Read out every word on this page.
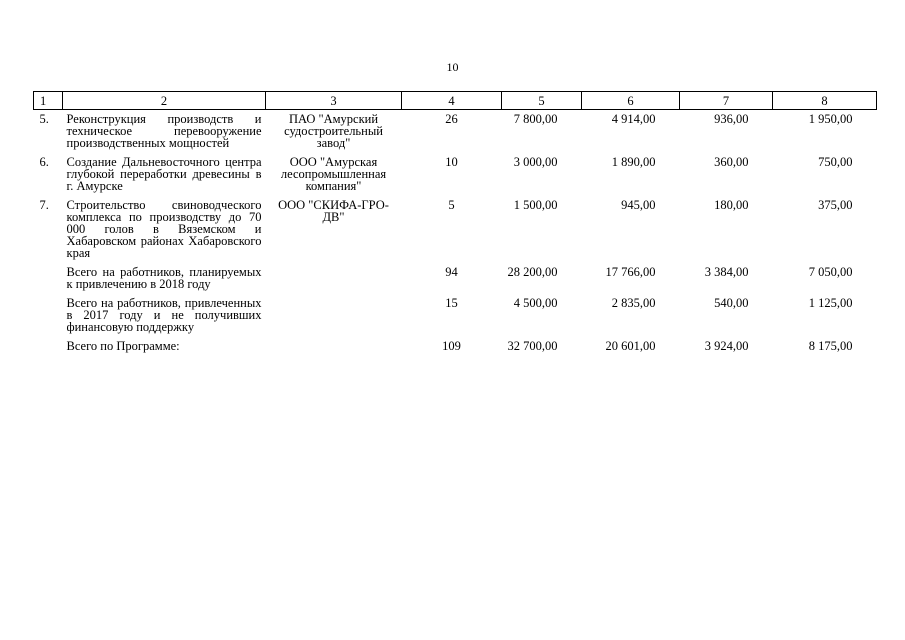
10
1	2	3	4	5	6	7	8
5.	Реконструкция производств и техническое перевооружение производственных мощностей	ПАО "Амурский судостроительный завод"	26	7 800,00	4 914,00	936,00	1 950,00
6.	Создание Дальневосточного центра глубокой переработки древесины в г. Амурске	ООО "Амурская лесопромышленная компания"	10	3 000,00	1 890,00	360,00	750,00
7.	Строительство свиноводческого комплекса по производству до 70 000 голов в Вяземском и Хабаровском районах Хабаровского края	ООО "СКИФА-ГРО-ДВ"	5	1 500,00	945,00	180,00	375,00
	Всего на работников, планируемых к привлечению в 2018 году		94	28 200,00	17 766,00	3 384,00	7 050,00
	Всего на работников, привлеченных в 2017 году и не получивших финансовую поддержку		15	4 500,00	2 835,00	540,00	1 125,00
	Всего по Программе:		109	32 700,00	20 601,00	3 924,00	8 175,00
